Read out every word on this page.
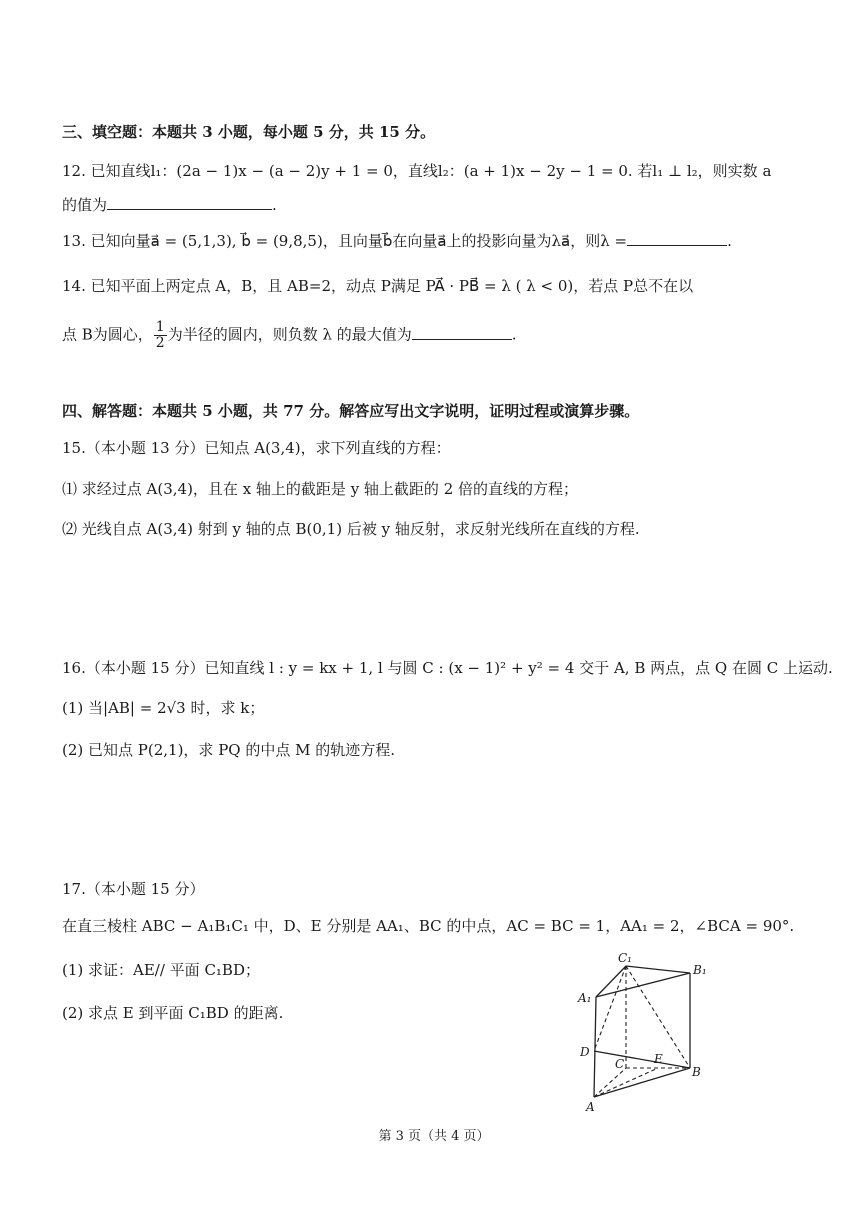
三、填空题：本题共 3 小题，每小题 5 分，共 15 分。
12. 已知直线l₁：(2a − 1)x − (a − 2)y + 1 = 0，直线l₂：(a + 1)x − 2y − 1 = 0. 若l₁ ⊥ l₂，则实数 a
的值为	.
13. 已知向量a⃗ = (5,1,3), b⃗ = (9,8,5)，且向量b⃗在向量a⃗上的投影向量为λa⃗，则λ =	.
14. 已知平面上两定点 A，B，且 AB=2，动点 P满足 PA⃗ · PB⃗ = λ ( λ < 0)，若点 P总不在以
点 B为圆心， $\frac{1}{2}$ 为半径的圆内，则负数 λ 的最大值为	.
四、解答题：本题共 5 小题，共 77 分。解答应写出文字说明，证明过程或演算步骤。
15.（本小题 13 分）已知点 A(3,4)，求下列直线的方程：
⑴ 求经过点 A(3,4)，且在 x 轴上的截距是 y 轴上截距的 2 倍的直线的方程；
⑵ 光线自点 A(3,4) 射到 y 轴的点 B(0,1) 后被 y 轴反射，求反射光线所在直线的方程.
16.（本小题 15 分）已知直线 l : y = kx + 1, l 与圆 C : (x − 1)² + y² = 4 交于 A, B 两点，点 Q 在圆 C 上运动.
(1) 当|AB| = 2√3 时，求 k；
(2) 已知点 P(2,1)，求 PQ 的中点 M 的轨迹方程.
17.（本小题 15 分）
在直三棱柱 ABC − A₁B₁C₁ 中，D、E 分别是 AA₁、BC 的中点，AC = BC = 1，AA₁ = 2，∠BCA = 90°.
(1) 求证：AE// 平面 C₁BD；
(2) 求点 E 到平面 C₁BD 的距离.
C₁
B₁
A₁
D
C E
B
A
第 3 页（共 4 页）
